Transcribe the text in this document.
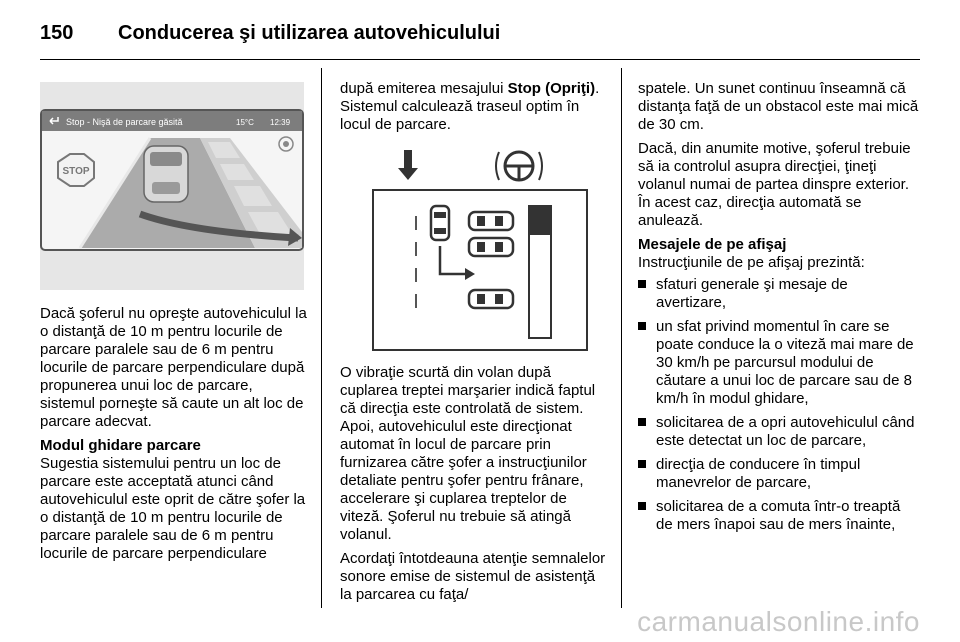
150 Conducerea şi utilizarea autovehiculului
Stop - Nişă de parcare găsită	15°C 12:39
STOP

Dacă şoferul nu opreşte autovehiculul la o distanţă de 10 m pentru locurile de parcare paralele sau de 6 m pentru locurile de parcare perpendiculare după propunerea unui loc de parcare, sistemul porneşte să caute un alt loc de parcare adecvat.

Modul ghidare parcare

Sugestia sistemului pentru un loc de parcare este acceptată atunci când autovehiculul este oprit de către şofer la o distanţă de 10 m pentru locurile de parcare paralele sau de 6 m pentru locurile de parcare perpendiculare

după emiterea mesajului Stop (Opriţi). Sistemul calculează traseul optim în locul de parcare.

O vibraţie scurtă din volan după cuplarea treptei marşarier indică faptul că direcţia este controlată de sistem. Apoi, autovehiculul este direcţionat automat în locul de parcare prin furnizarea către şofer a instrucţiunilor detaliate pentru şofer pentru frânare, accelerare şi cuplarea treptelor de viteză. Şoferul nu trebuie să atingă volanul.

Acordaţi întotdeauna atenţie semnalelor sonore emise de sistemul de asistenţă la parcarea cu faţa/

spatele. Un sunet continuu înseamnă că distanţa faţă de un obstacol este mai mică de 30 cm.

Dacă, din anumite motive, şoferul trebuie să ia controlul asupra direcţiei, ţineţi volanul numai de partea dinspre exterior. În acest caz, direcţia automată se anulează.

Mesajele de pe afişaj

Instrucţiunile de pe afişaj prezintă:

sfaturi generale şi mesaje de avertizare,
un sfat privind momentul în care se poate conduce la o viteză mai mare de 30 km/h pe parcursul modului de căutare a unui loc de parcare sau de 8 km/h în modul ghidare,
solicitarea de a opri autovehiculul când este detectat un loc de parcare,
direcţia de conducere în timpul manevrelor de parcare,
solicitarea de a comuta într-o treaptă de mers înapoi sau de mers înainte,
carmanualsonline.info
